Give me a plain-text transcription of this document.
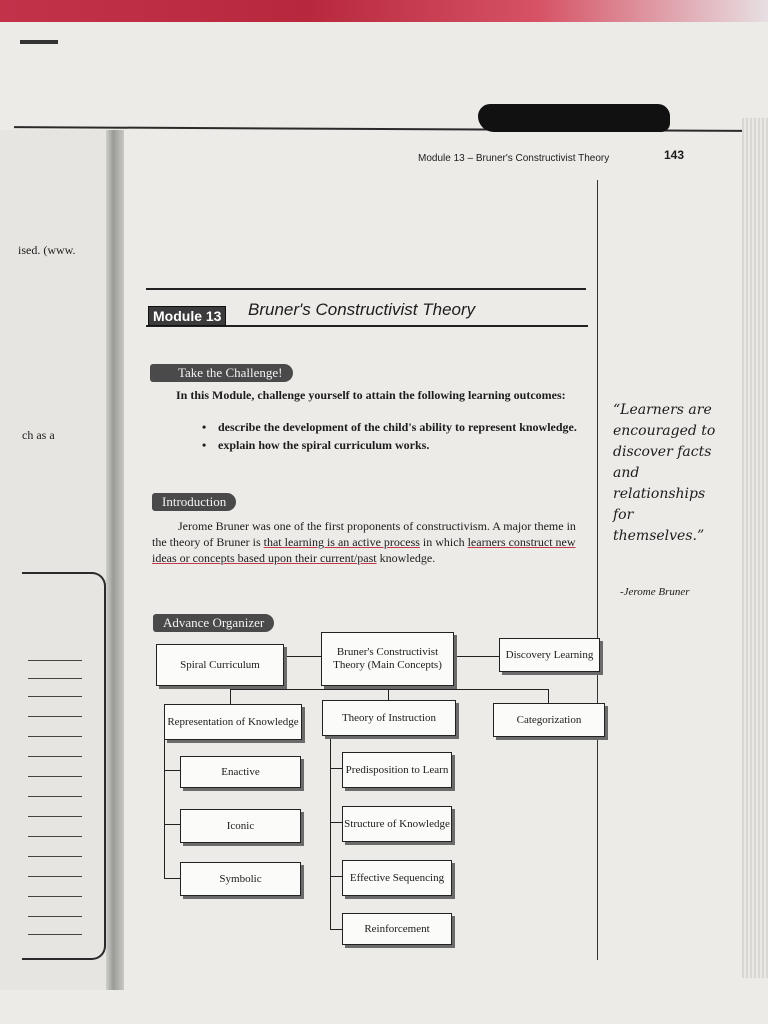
ised. (www.
ch as a
Module 13 – Bruner's Constructivist Theory	143
Module 13 Bruner's Constructivist Theory
Take the Challenge!
In this Module, challenge yourself to attain the following learning outcomes:
• describe the development of the child's ability to represent knowledge.
• explain how the spiral curriculum works.
Introduction
Jerome Bruner was one of the first proponents of constructivism. A major theme in the theory of Bruner is that learning is an active process in which learners construct new ideas or concepts based upon their current/past knowledge.
“Learners are encouraged to discover facts and relationships for themselves.”
-Jerome Bruner
Advance Organizer
Spiral Curriculum
Bruner's Constructivist Theory (Main Concepts)
Discovery Learning
Representation of Knowledge	Theory of Instruction	Categorization
Enactive
Iconic
Symbolic
Predisposition to Learn
Structure of Knowledge
Effective Sequencing
Reinforcement
